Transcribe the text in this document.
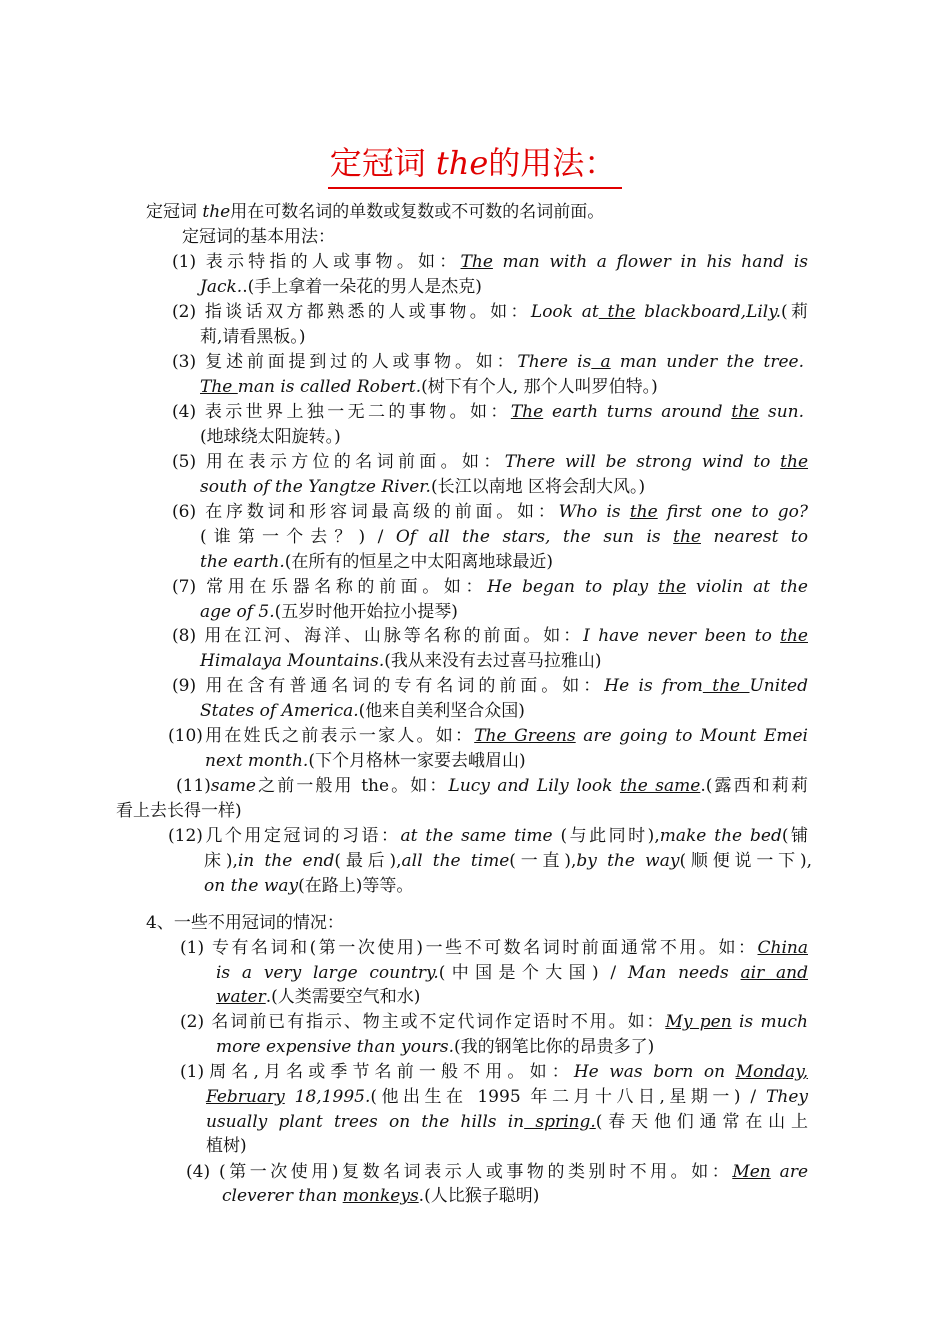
定冠词 the的用法：
定冠词 the用在可数名词的单数或复数或不可数的名词前面。
定冠词的基本用法：
(1) 表示特指的人或事物。如：The man with a flower in his hand is
Jack..(手上拿着一朵花的男人是杰克)
(2) 指谈话双方都熟悉的人或事物。如：Look at the blackboard,Lily.(莉
莉,请看黑板。)
(3) 复述前面提到过的人或事物。如：There is a man under the tree.
The man is called Robert.(树下有个人, 那个人叫罗伯特。)
(4) 表示世界上独一无二的事物。如：The earth turns around the sun.
(地球绕太阳旋转。)
(5) 用在表示方位的名词前面。如：There will be strong wind to the
south of the Yangtze River.(长江以南地 区将会刮大风。)
(6) 在序数词和形容词最高级的前面。如：Who is the first one to go?
(谁第一个去？) / Of all the stars, the sun is the nearest to
the earth.(在所有的恒星之中太阳离地球最近)
(7) 常用在乐器名称的前面。如：He began to play the violin at the
age of 5.(五岁时他开始拉小提琴)
(8) 用在江河、海洋、山脉等名称的前面。如：I have never been to the
Himalaya Mountains.(我从来没有去过喜马拉雅山)
(9) 用在含有普通名词的专有名词的前面。如：He is from the United
States of America.(他来自美利坚合众国)
(10)用在姓氏之前表示一家人。如：The Greens are going to Mount Emei
next month.(下个月格林一家要去峨眉山)
(11)same之前一般用 the。如：Lucy and Lily look the same.(露西和莉莉
看上去长得一样)
(12)几个用定冠词的习语：at the same time (与此同时),make the bed(铺
床),in the end(最后),all the time(一直),by the way(顺便说一下),
on the way(在路上)等等。
4、一些不用冠词的情况：
(1) 专有名词和(第一次使用)一些不可数名词时前面通常不用。如：China
is a very large country.(中国是个大国) / Man needs air and
water.(人类需要空气和水)
(2) 名词前已有指示、物主或不定代词作定语时不用。如：My pen is much
more expensive than yours.(我的钢笔比你的昂贵多了)
(1)周名,月名或季节名前一般不用。如：He was born on Monday,
February 18,1995.(他出生在 1995 年二月十八日,星期一) / They
usually plant trees on the hills in spring.(春天他们通常在山上
植树)
(4) (第一次使用)复数名词表示人或事物的类别时不用。如：Men are
cleverer than monkeys.(人比猴子聪明)
